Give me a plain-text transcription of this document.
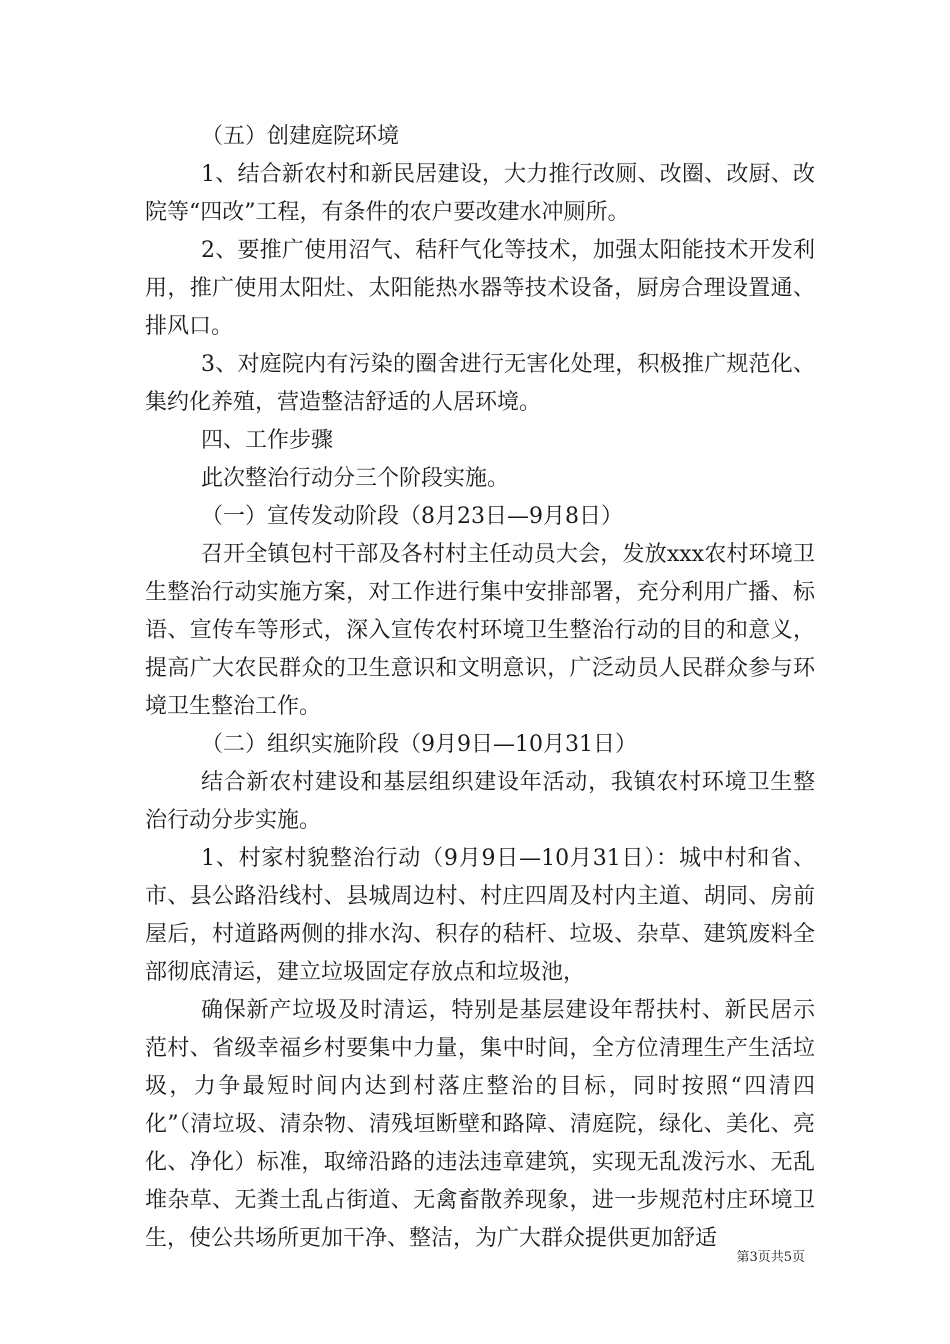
（五）创建庭院环境

1、结合新农村和新民居建设，大力推行改厕、改圈、改厨、改院等“四改”工程，有条件的农户要改建水冲厕所。

2、要推广使用沼气、秸秆气化等技术，加强太阳能技术开发利用，推广使用太阳灶、太阳能热水器等技术设备，厨房合理设置通、排风口。

3、对庭院内有污染的圈舍进行无害化处理，积极推广规范化、集约化养殖，营造整洁舒适的人居环境。

四、工作步骤

此次整治行动分三个阶段实施。

（一）宣传发动阶段（8月23日—9月8日）

召开全镇包村干部及各村村主任动员大会，发放xxx农村环境卫生整治行动实施方案，对工作进行集中安排部署，充分利用广播、标语、宣传车等形式，深入宣传农村环境卫生整治行动的目的和意义，提高广大农民群众的卫生意识和文明意识，广泛动员人民群众参与环境卫生整治工作。

（二）组织实施阶段（9月9日—10月31日）

结合新农村建设和基层组织建设年活动，我镇农村环境卫生整治行动分步实施。

1、村家村貌整治行动（9月9日—10月31日）：城中村和省、市、县公路沿线村、县城周边村、村庄四周及村内主道、胡同、房前屋后，村道路两侧的排水沟、积存的秸杆、垃圾、杂草、建筑废料全部彻底清运，建立垃圾固定存放点和垃圾池，

确保新产垃圾及时清运，特别是基层建设年帮扶村、新民居示范村、省级幸福乡村要集中力量，集中时间，全方位清理生产生活垃圾，力争最短时间内达到村落庄整治的目标，同时按照“四清四化”（清垃圾、清杂物、清残垣断壁和路障、清庭院，绿化、美化、亮化、净化）标准，取缔沿路的违法违章建筑，实现无乱泼污水、无乱堆杂草、无粪土乱占街道、无禽畜散养现象，进一步规范村庄环境卫生，使公共场所更加干净、整洁，为广大群众提供更加舒适

第3页共5页
